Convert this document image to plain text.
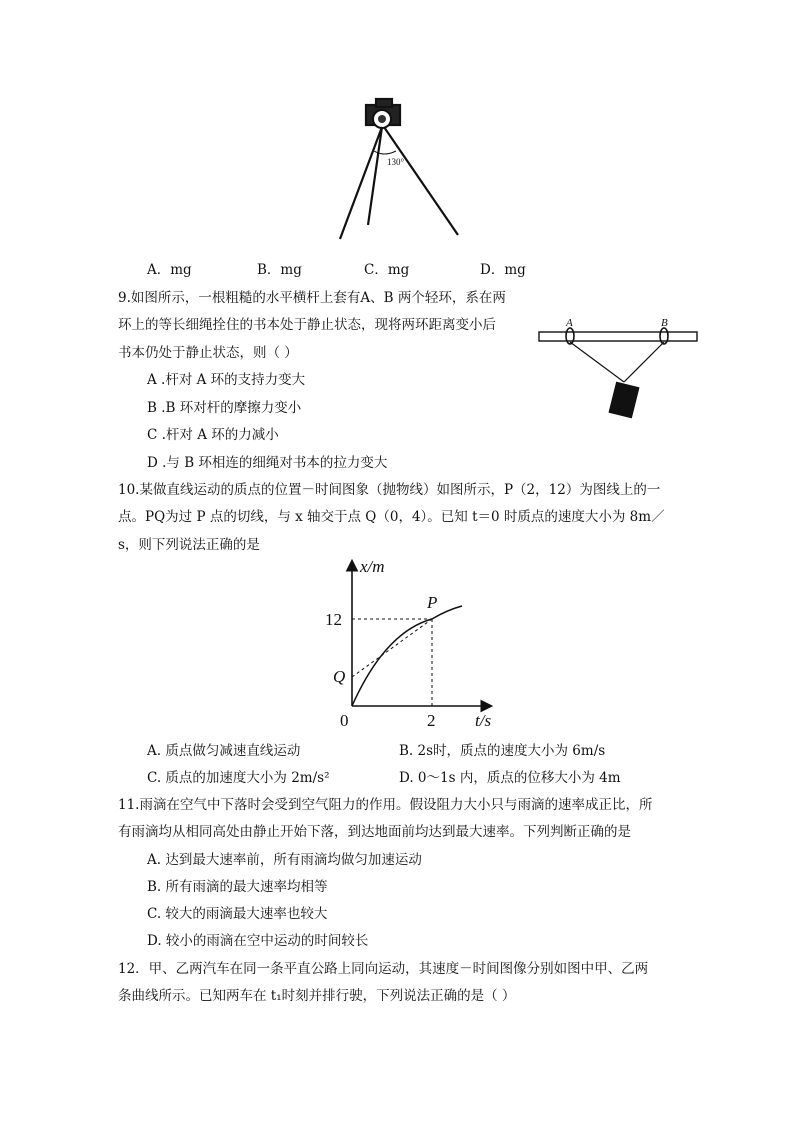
130°
A．mg	B．mg	C．mg	D．mg
9.如图所示，一根粗糙的水平横杆上套有A、B 两个轻环，系在两
环上的等长细绳拴住的书本处于静止状态，现将两环距离变小后
书本仍处于静止状态，则（ ）
A .杆对 A 环的支持力变大
B .B 环对杆的摩擦力变小
C .杆对 A 环的力减小
D .与 B 环相连的细绳对书本的拉力变大
A	B
10.某做直线运动的质点的位置－时间图象（抛物线）如图所示，P（2，12）为图线上的一
点。PQ为过 P 点的切线，与 x 轴交于点 Q（0，4）。已知 t＝0 时质点的速度大小为 8m／
s，则下列说法正确的是
x/m
t/s
0
12
2
Q
P
A. 质点做匀减速直线运动	B. 2s时，质点的速度大小为 6m/s
C. 质点的加速度大小为 2m/s²	D. 0～1s 内，质点的位移大小为 4m
11.雨滴在空气中下落时会受到空气阻力的作用。假设阻力大小只与雨滴的速率成正比，所
有雨滴均从相同高处由静止开始下落，到达地面前均达到最大速率。下列判断正确的是
A. 达到最大速率前，所有雨滴均做匀加速运动
B. 所有雨滴的最大速率均相等
C. 较大的雨滴最大速率也较大
D. 较小的雨滴在空中运动的时间较长
12．甲、乙两汽车在同一条平直公路上同向运动，其速度－时间图像分别如图中甲、乙两
条曲线所示。已知两车在 t₁时刻并排行驶，下列说法正确的是（ ）
